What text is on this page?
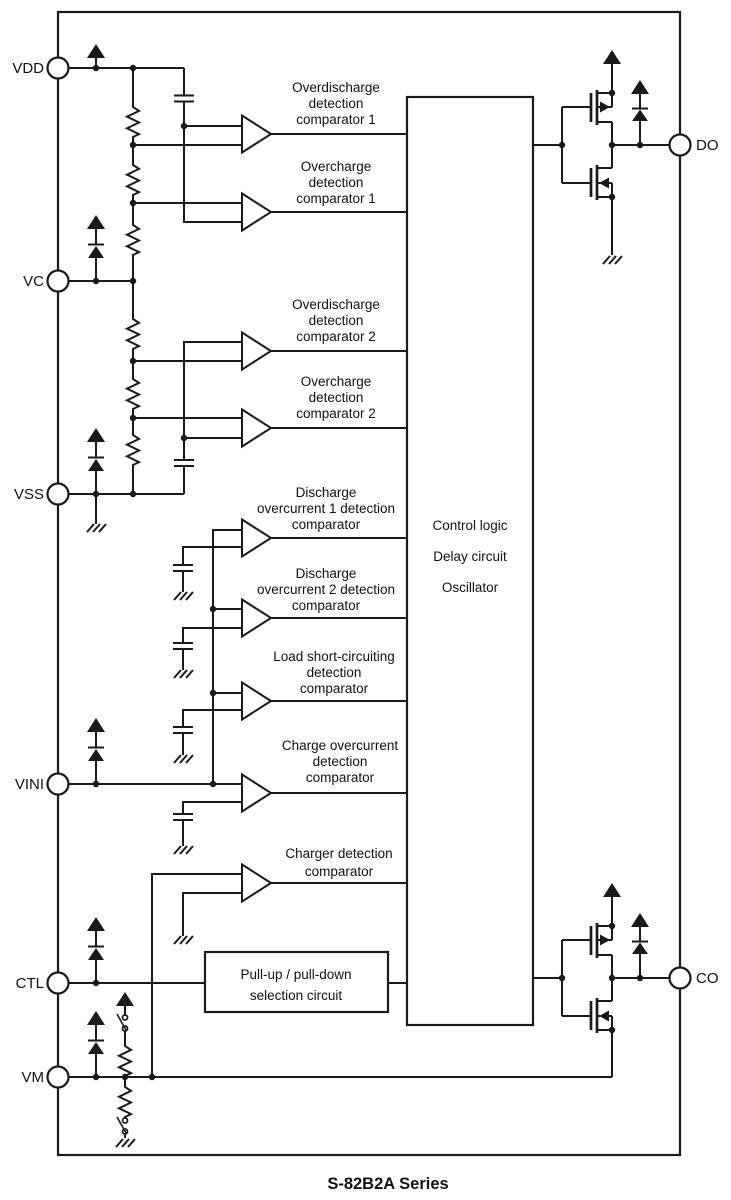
VDD
VC
VSS
VINI
CTL
VM
DO
CO
Overdischarge
detection
comparator 1
Overcharge
detection
comparator 1
Overdischarge
detection
comparator 2
Overcharge
detection
comparator 2
Discharge
overcurrent 1 detection
comparator
Discharge
overcurrent 2 detection
comparator
Load short-circuiting
detection
comparator
Charge overcurrent
detection
comparator
Charger detection
comparator
Control logic
Delay circuit
Oscillator
Pull-up / pull-down
selection circuit
S-82B2A Series
